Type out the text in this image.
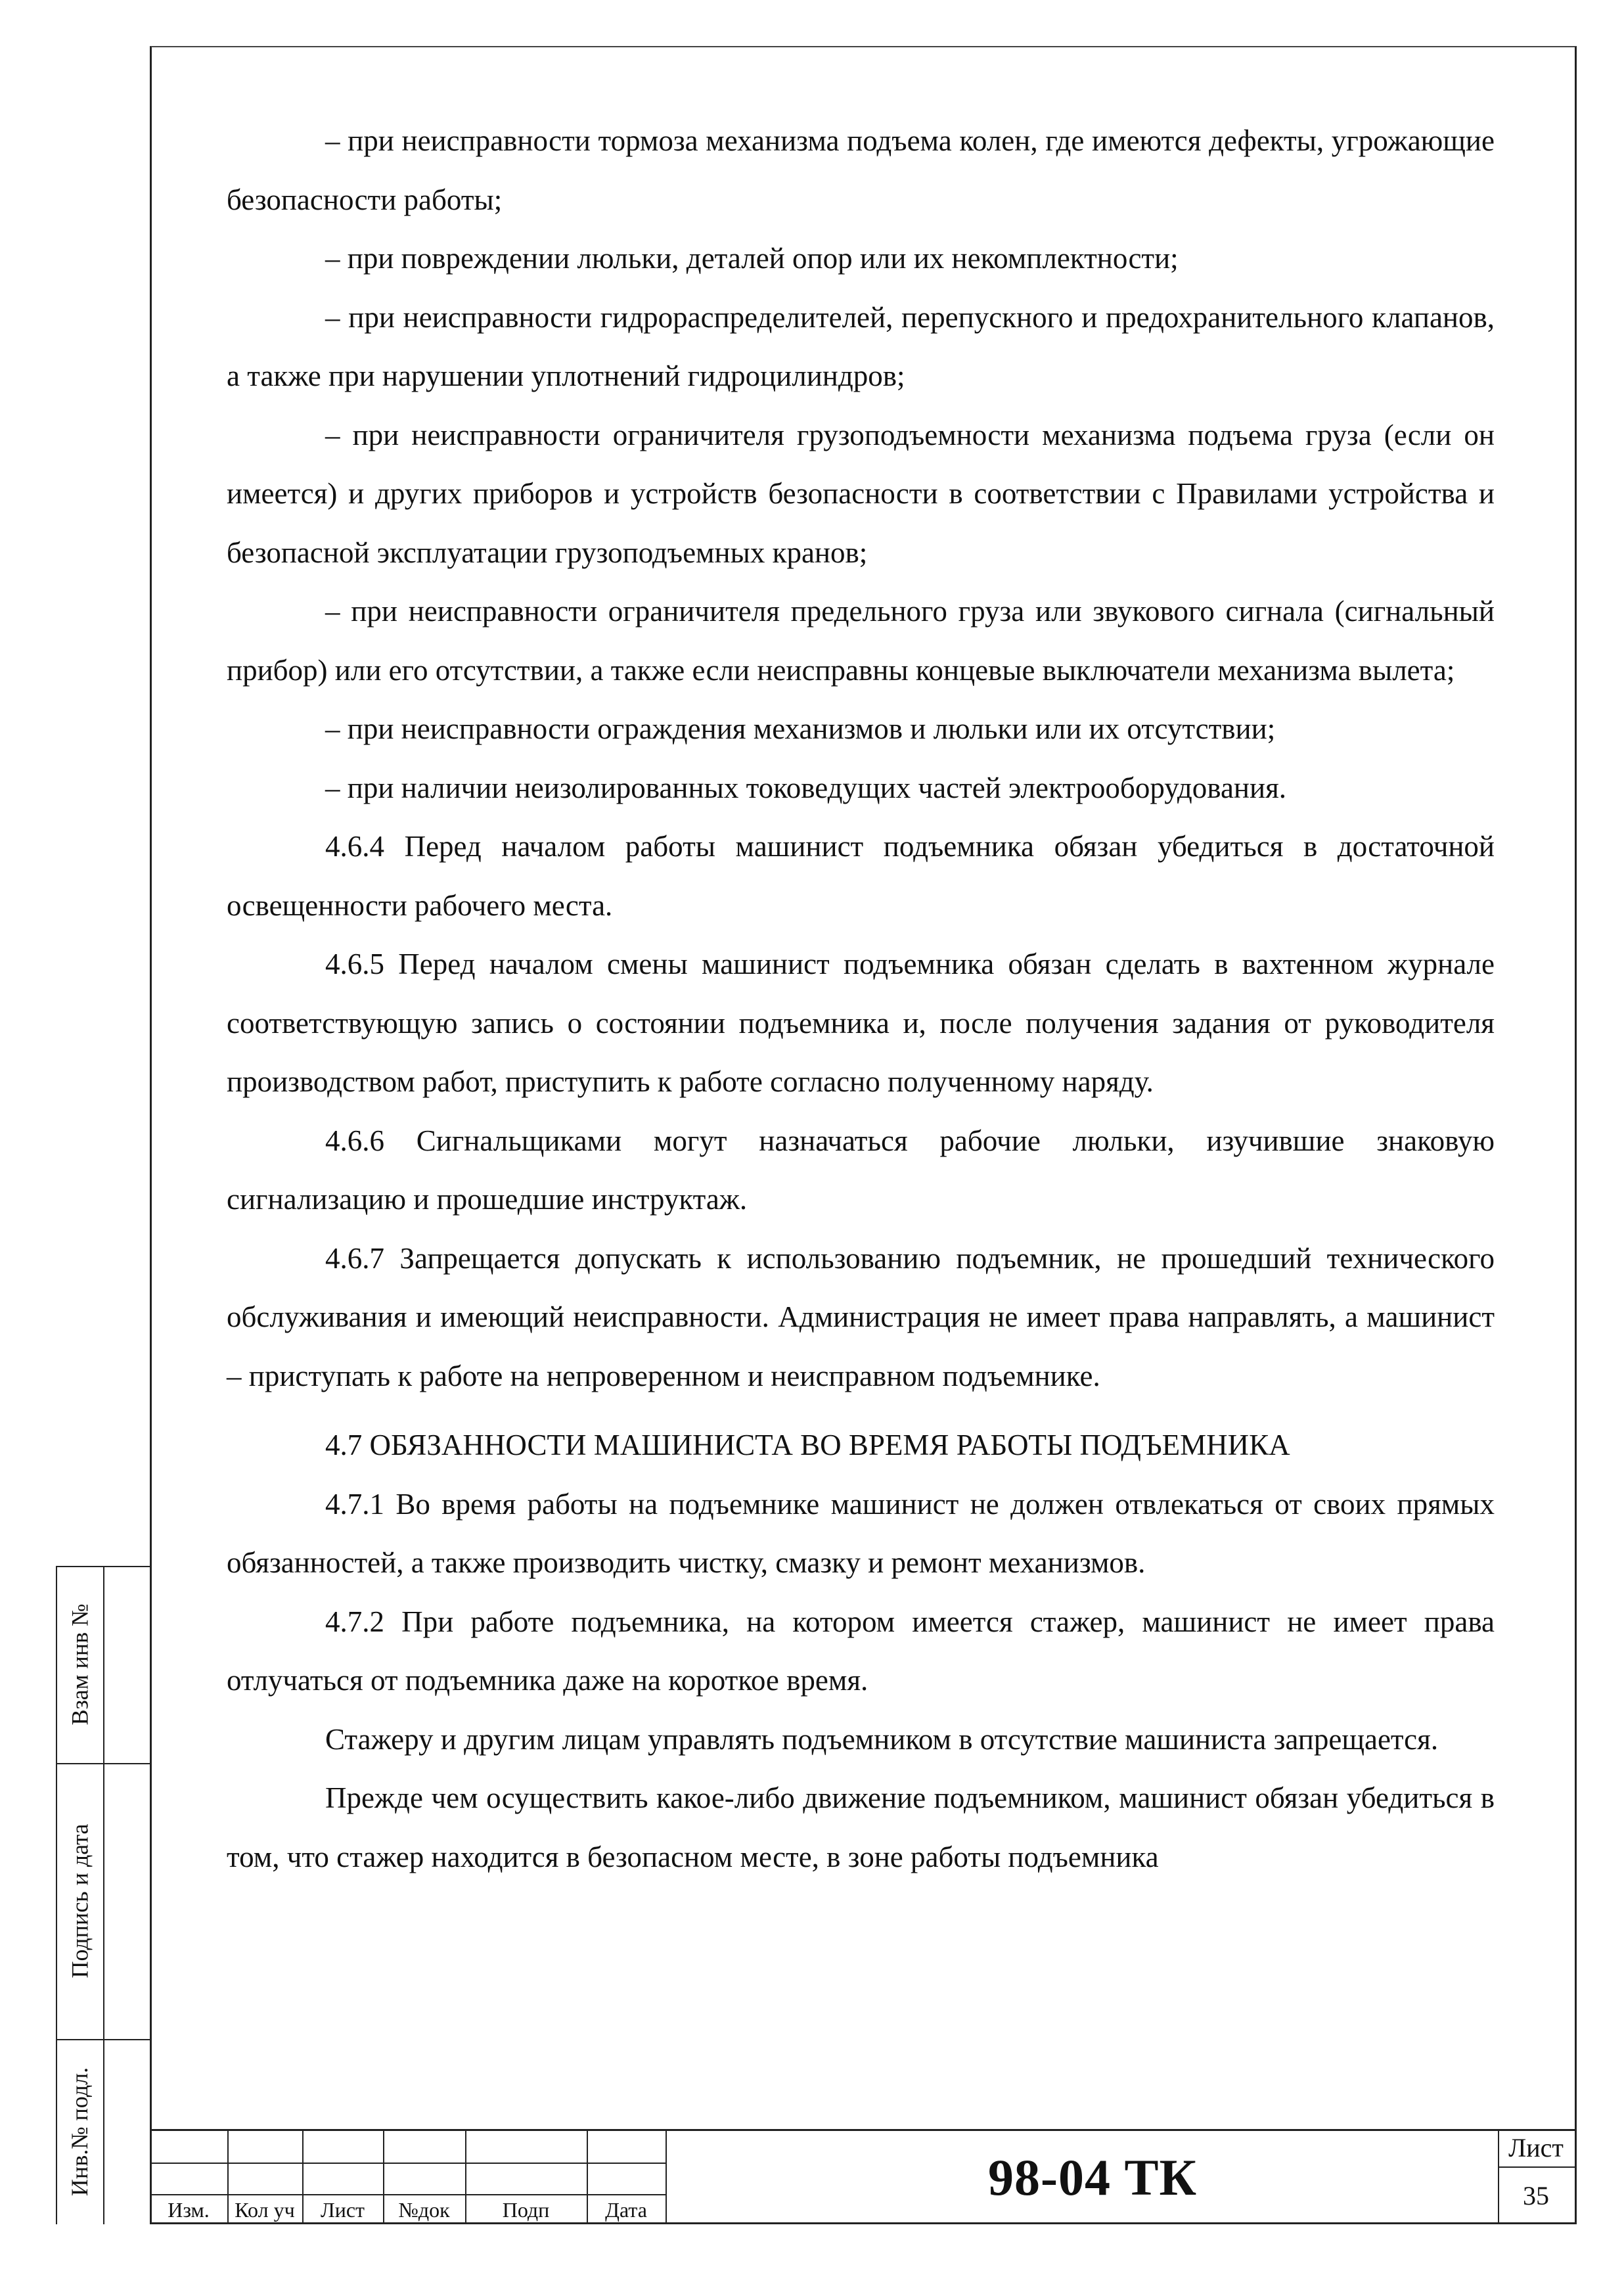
– при неисправности тормоза механизма подъема колен, где имеются дефекты, угрожающие безопасности работы;

– при повреждении люльки, деталей опор или их некомплектности;

– при неисправности гидрораспределителей, перепускного и предохранительного клапанов, а также при нарушении уплотнений гидроцилиндров;

– при неисправности ограничителя грузоподъемности механизма подъема груза (если он имеется) и других приборов и устройств безопасности в соответствии с Правилами устройства и безопасной эксплуатации грузоподъемных кранов;

– при неисправности ограничителя предельного груза или звукового сигнала (сигнальный прибор) или его отсутствии, а также если неисправны концевые выключатели механизма вылета;

– при неисправности ограждения механизмов и люльки или их отсутствии;

– при наличии неизолированных токоведущих частей электрооборудования.

4.6.4 Перед началом работы машинист подъемника обязан убедиться в достаточной освещенности рабочего места.

4.6.5 Перед началом смены машинист подъемника обязан сделать в вахтенном журнале соответствующую запись о состоянии подъемника и, после получения задания от руководителя производством работ, приступить к работе согласно полученному наряду.

4.6.6 Сигнальщиками могут назначаться рабочие люльки, изучившие знаковую сигнализацию и прошедшие инструктаж.

4.6.7 Запрещается допускать к использованию подъемник, не прошедший технического обслуживания и имеющий неисправности. Администрация не имеет права направлять, а машинист – приступать к работе на непроверенном и неисправном подъемнике.

4.7 ОБЯЗАННОСТИ МАШИНИСТА ВО ВРЕМЯ РАБОТЫ ПОДЪЕМНИКА

4.7.1 Во время работы на подъемнике машинист не должен отвлекаться от своих прямых обязанностей, а также производить чистку, смазку и ремонт механизмов.

4.7.2 При работе подъемника, на котором имеется стажер, машинист не имеет права отлучаться от подъемника даже на короткое время.

Стажеру и другим лицам управлять подъемником в отсутствие машиниста запрещается.

Прежде чем осуществить какое-либо движение подъемником, машинист обязан убедиться в том, что стажер находится в безопасном месте, в зоне работы подъемника

Взам инв №
Подпись и дата
Инв.№ подл.
Изм. Кол уч Лист №док	Подп	Дата
98-04 ТК
Лист
35
